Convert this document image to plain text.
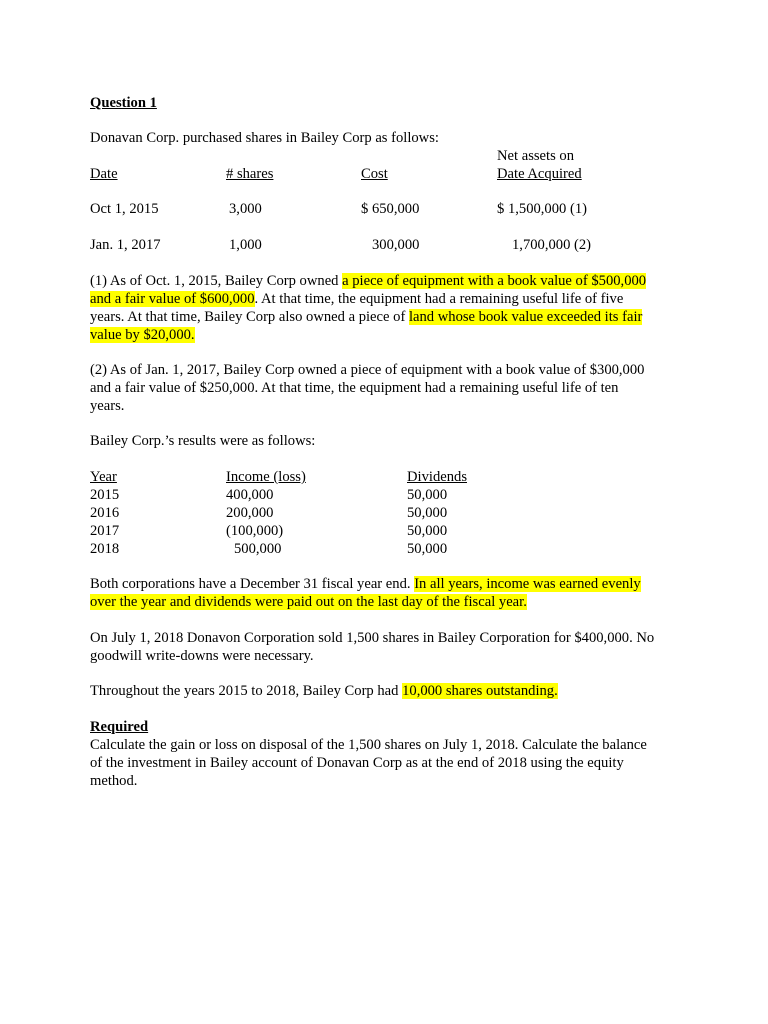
Question 1
Donavan Corp. purchased shares in Bailey Corp as follows:
Net assets on
Date	# shares	Cost	Date Acquired
Oct 1, 2015	3,000	$ 650,000	$ 1,500,000 (1)
Jan. 1, 2017	1,000	300,000	1,700,000 (2)
(1) As of Oct. 1, 2015, Bailey Corp owned a piece of equipment with a book value of $500,000
and a fair value of $600,000. At that time, the equipment had a remaining useful life of five
years. At that time, Bailey Corp also owned a piece of land whose book value exceeded its fair
value by $20,000.
(2) As of Jan. 1, 2017, Bailey Corp owned a piece of equipment with a book value of $300,000
and a fair value of $250,000. At that time, the equipment had a remaining useful life of ten
years.
Bailey Corp.’s results were as follows:
Year	Income (loss)	Dividends
2015	400,000	50,000
2016	200,000	50,000
2017	(100,000)	50,000
2018	500,000	50,000
Both corporations have a December 31 fiscal year end. In all years, income was earned evenly
over the year and dividends were paid out on the last day of the fiscal year.
On July 1, 2018 Donavon Corporation sold 1,500 shares in Bailey Corporation for $400,000. No
goodwill write-downs were necessary.
Throughout the years 2015 to 2018, Bailey Corp had 10,000 shares outstanding.
Required
Calculate the gain or loss on disposal of the 1,500 shares on July 1, 2018. Calculate the balance
of the investment in Bailey account of Donavan Corp as at the end of 2018 using the equity
method.
